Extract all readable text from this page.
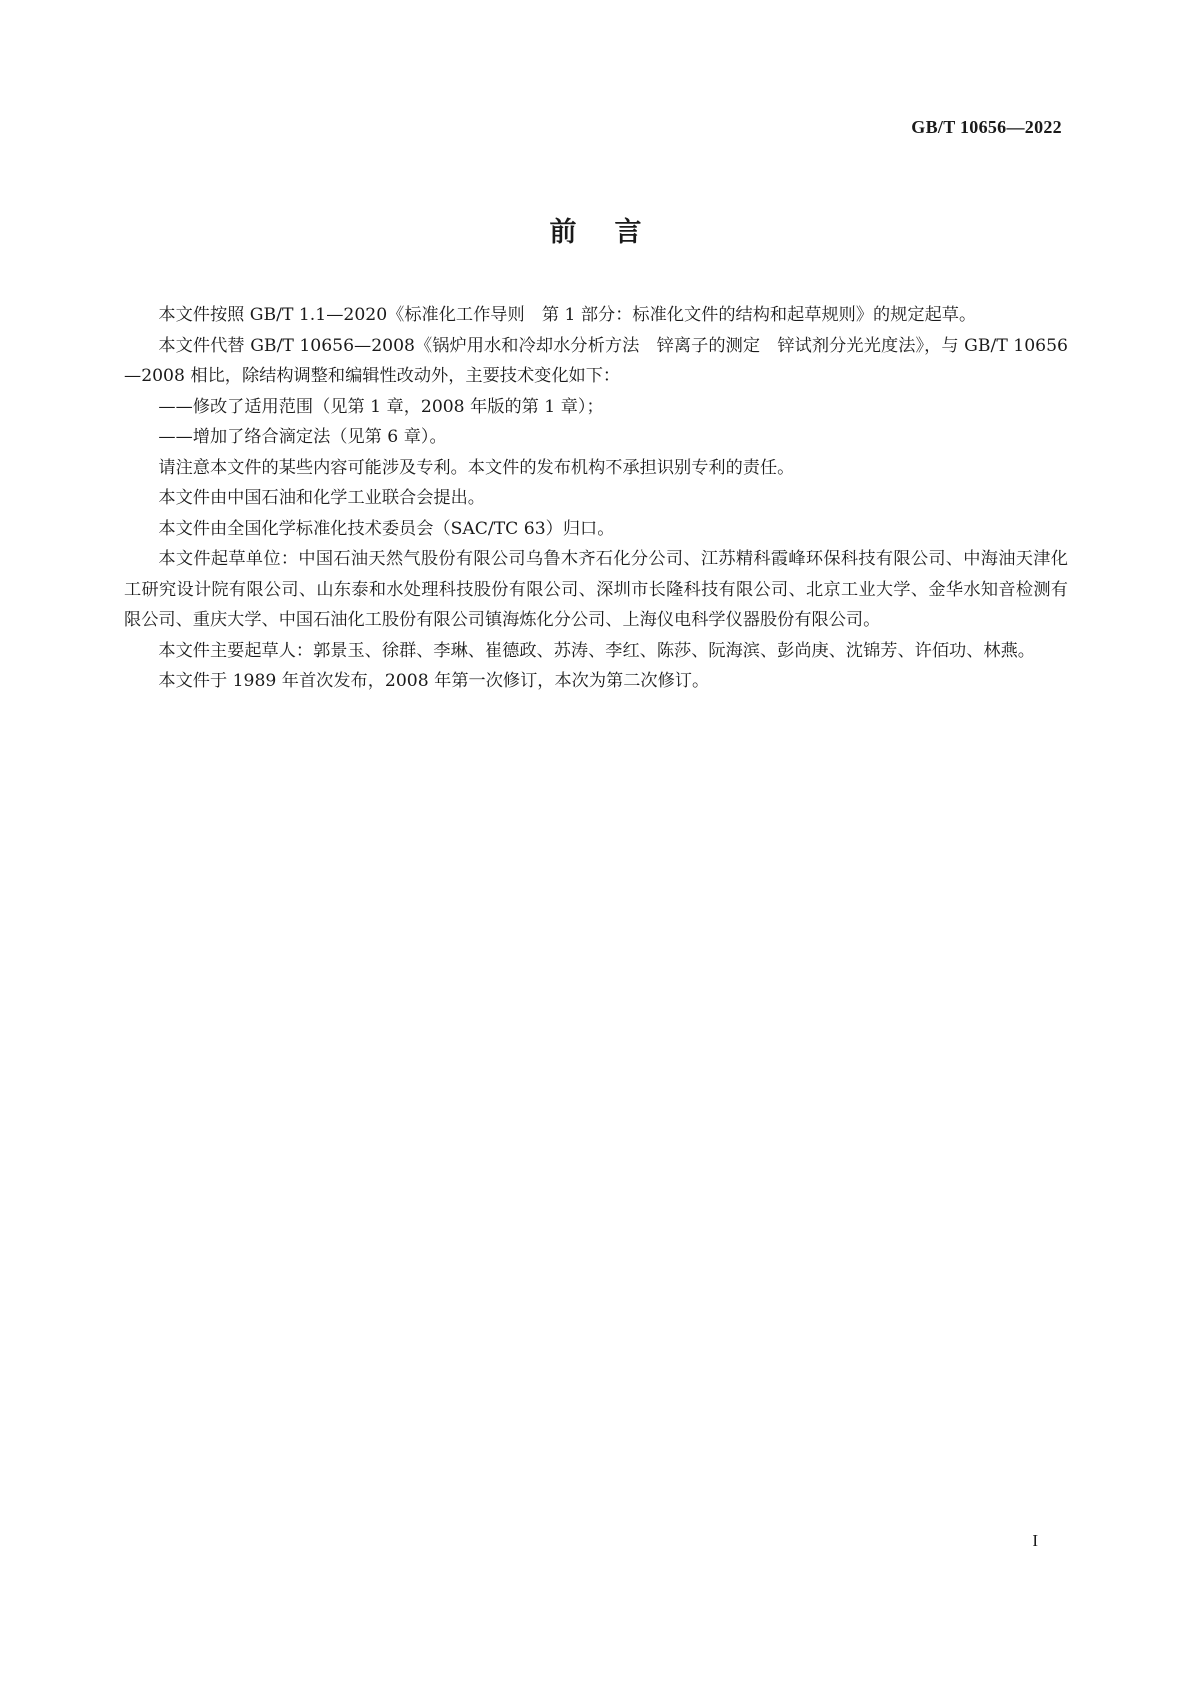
GB/T 10656—2022
前言

本文件按照 GB/T 1.1—2020《标准化工作导则　第 1 部分：标准化文件的结构和起草规则》的规定起草。

本文件代替 GB/T 10656—2008《锅炉用水和冷却水分析方法　锌离子的测定　锌试剂分光光度法》，与 GB/T 10656—2008 相比，除结构调整和编辑性改动外，主要技术变化如下：

——修改了适用范围（见第 1 章，2008 年版的第 1 章）；

——增加了络合滴定法（见第 6 章）。

请注意本文件的某些内容可能涉及专利。本文件的发布机构不承担识别专利的责任。

本文件由中国石油和化学工业联合会提出。

本文件由全国化学标准化技术委员会（SAC/TC 63）归口。

本文件起草单位：中国石油天然气股份有限公司乌鲁木齐石化分公司、江苏精科霞峰环保科技有限公司、中海油天津化工研究设计院有限公司、山东泰和水处理科技股份有限公司、深圳市长隆科技有限公司、北京工业大学、金华水知音检测有限公司、重庆大学、中国石油化工股份有限公司镇海炼化分公司、上海仪电科学仪器股份有限公司。

本文件主要起草人：郭景玉、徐群、李琳、崔德政、苏涛、李红、陈莎、阮海滨、彭尚庚、沈锦芳、许佰功、林燕。

本文件于 1989 年首次发布，2008 年第一次修订，本次为第二次修订。

I
